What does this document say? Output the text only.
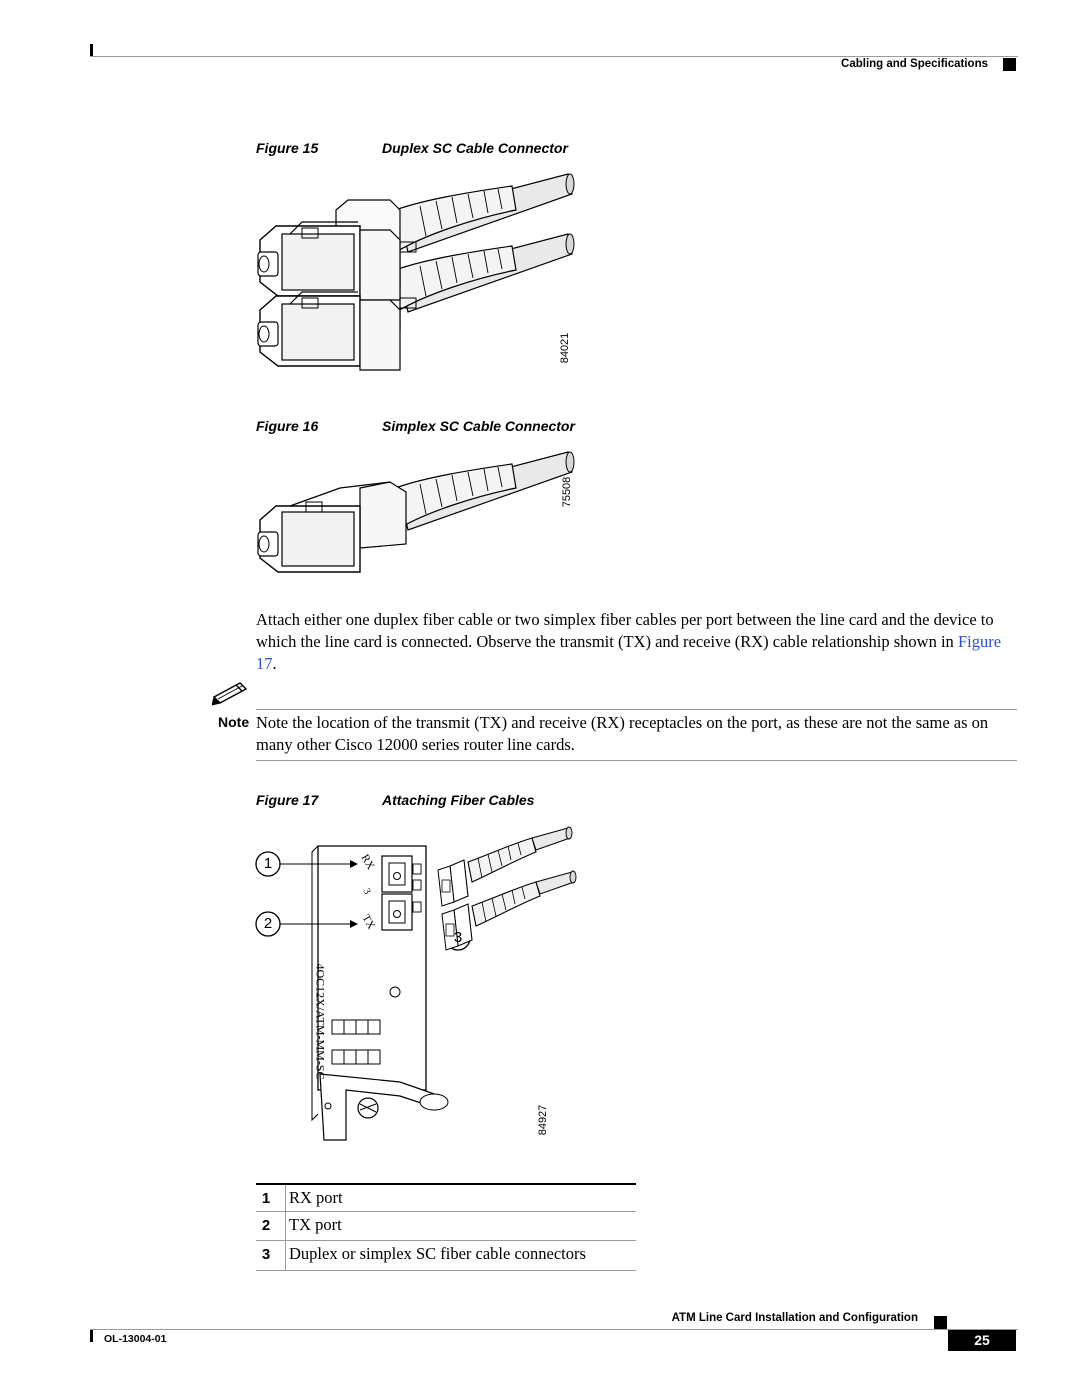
Cabling and Specifications
Figure 15	Duplex SC Cable Connector
84021
Figure 16	Simplex SC Cable Connector
75508
Attach either one duplex fiber cable or two simplex fiber cables per port between the line card and the device to which the line card is connected. Observe the transmit (TX) and receive (RX) cable relationship shown in Figure 17.
Note Note the location of the transmit (TX) and receive (RX) receptacles on the port, as these are not the same as on many other Cisco 12000 series router line cards.
Figure 17	Attaching Fiber Cables
1
2
3
RX
3
TX
4OC12X/ATM-MM-SC
84927
1	RX port
2	TX port
3	Duplex or simplex SC fiber cable connectors
ATM Line Card Installation and Configuration
OL-13004-01	25
